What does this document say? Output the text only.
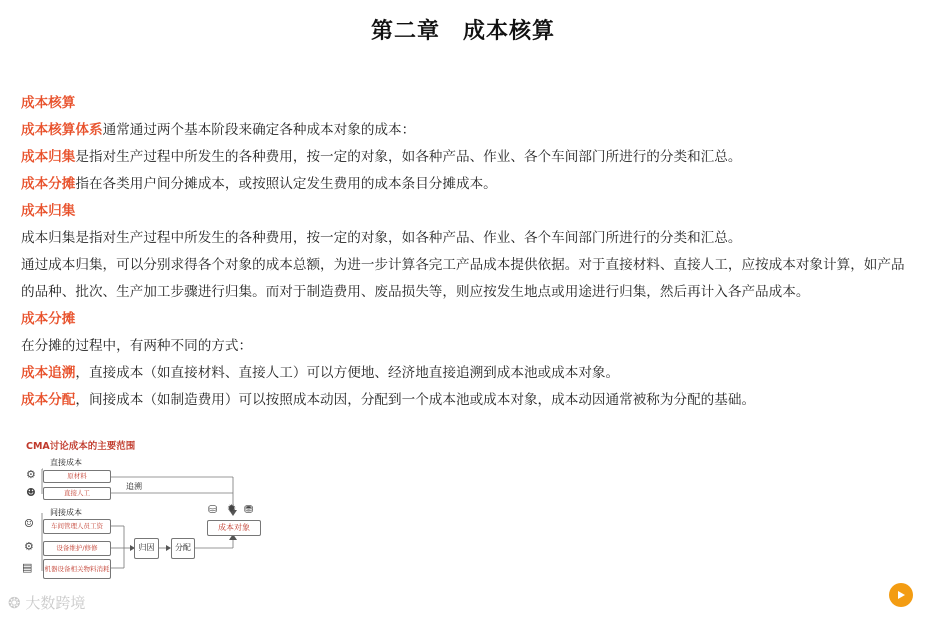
第二章　成本核算
成本核算
成本核算体系通常通过两个基本阶段来确定各种成本对象的成本：
成本归集是指对生产过程中所发生的各种费用，按一定的对象，如各种产品、作业、各个车间部门所进行的分类和汇总。
成本分摊指在各类用户间分摊成本，或按照认定发生费用的成本条目分摊成本。
成本归集
成本归集是指对生产过程中所发生的各种费用，按一定的对象，如各种产品、作业、各个车间部门所进行的分类和汇总。
通过成本归集，可以分别求得各个对象的成本总额，为进一步计算各完工产品成本提供依据。对于直接材料、直接人工，应按成本对象计算，如产品的品种、批次、生产加工步骤进行归集。而对于制造费用、废品损失等，则应按发生地点或用途进行归集，然后再计入各产品成本。
成本分摊
在分摊的过程中，有两种不同的方式：
成本追溯，直接成本（如直接材料、直接人工）可以方便地、经济地直接追溯到成本池或成本对象。
成本分配，间接成本（如制造费用）可以按照成本动因，分配到一个成本池或成本对象，成本动因通常被称为分配的基础。
CMA讨论成本的主要范围
直接成本
⚙	原材料
☻	直接人工
追溯
间接成本
☺	车间管理人员工资
⚙	设备维护/修修
▤ 机器设备相关物料消耗
归因	分配
⛁ ✹ ⛃
成本对象
❂ 大数跨境
